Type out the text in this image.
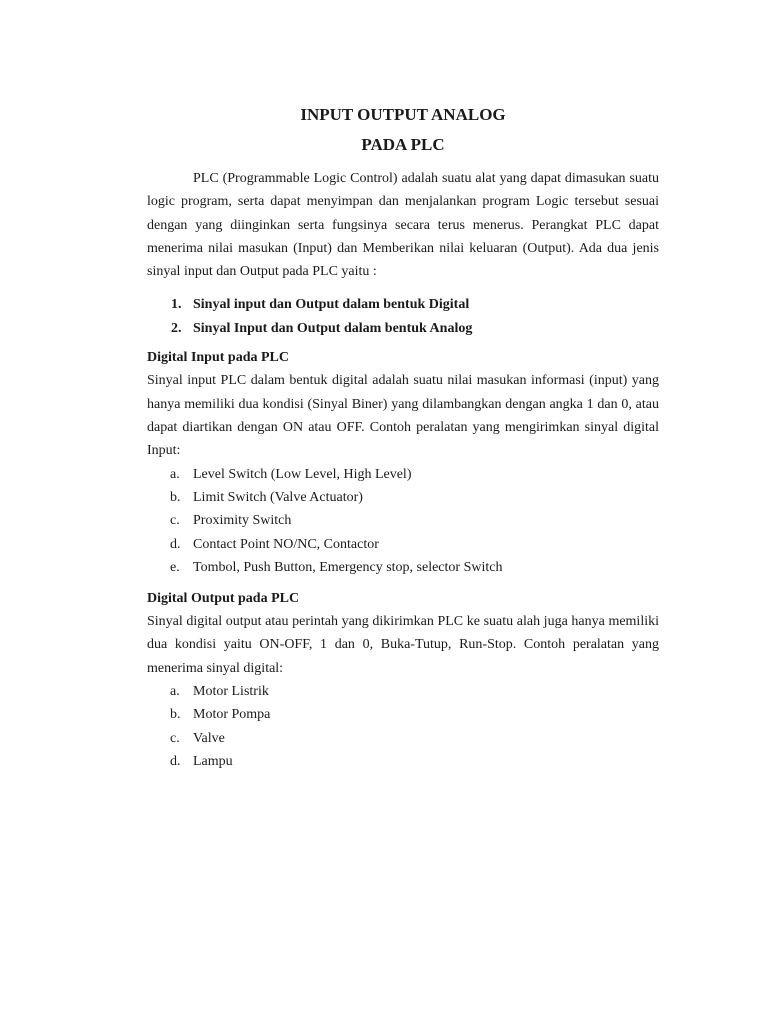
INPUT OUTPUT ANALOG
PADA PLC

PLC (Programmable Logic Control) adalah suatu alat yang dapat dimasukan suatu logic program, serta dapat menyimpan dan menjalankan program Logic tersebut sesuai dengan yang diinginkan serta fungsinya secara terus menerus. Perangkat PLC dapat menerima nilai masukan (Input) dan Memberikan nilai keluaran (Output). Ada dua jenis sinyal input dan Output pada PLC yaitu :

1. Sinyal input dan Output dalam bentuk Digital
2. Sinyal Input dan Output dalam bentuk Analog
Digital Input pada PLC

Sinyal input PLC dalam bentuk digital adalah suatu nilai masukan informasi (input) yang hanya memiliki dua kondisi (Sinyal Biner) yang dilambangkan dengan angka 1 dan 0, atau dapat diartikan dengan ON atau OFF. Contoh peralatan yang mengirimkan sinyal digital Input:

a. Level Switch (Low Level, High Level)
b. Limit Switch (Valve Actuator)
c. Proximity Switch
d. Contact Point NO/NC, Contactor
e. Tombol, Push Button, Emergency stop, selector Switch
Digital Output pada PLC

Sinyal digital output atau perintah yang dikirimkan PLC ke suatu alah juga hanya memiliki dua kondisi yaitu ON-OFF, 1 dan 0, Buka-Tutup, Run-Stop. Contoh peralatan yang menerima sinyal digital:

a. Motor Listrik
b. Motor Pompa
c. Valve
d. Lampu
